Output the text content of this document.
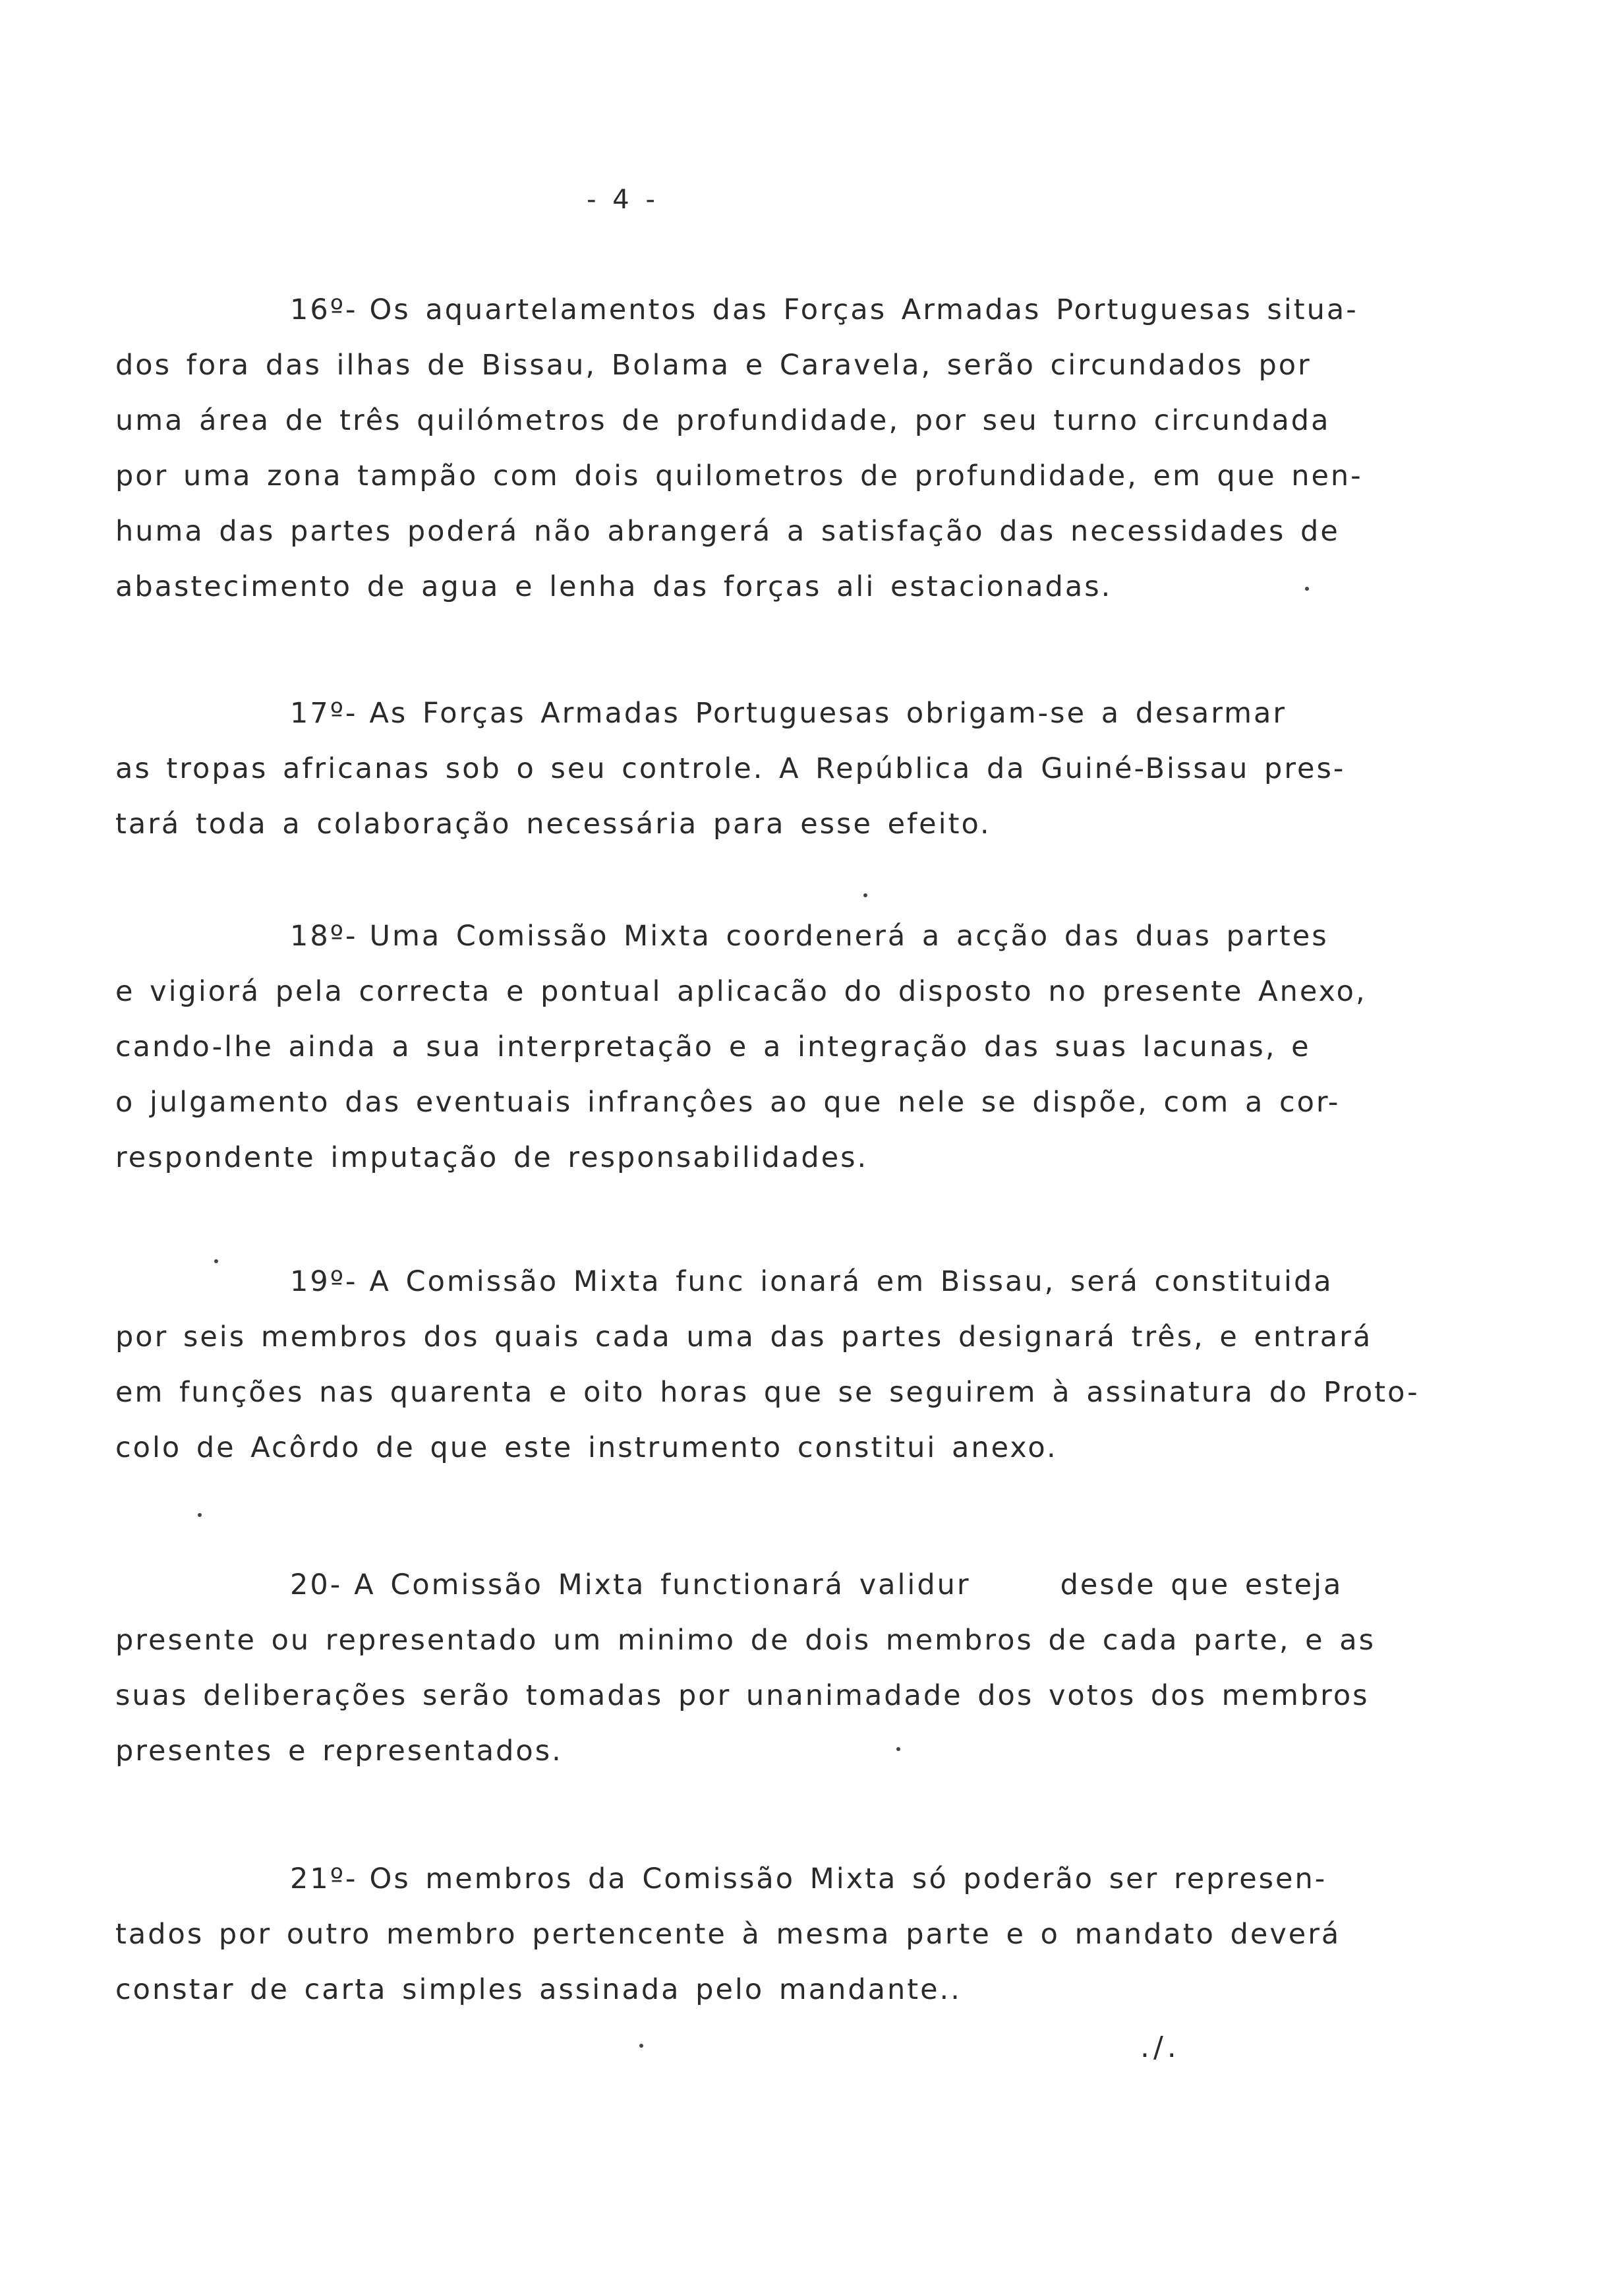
- 4 -
16º- Os aquartelamentos das Forças Armadas Portuguesas situa-
dos fora das ilhas de Bissau, Bolama e Caravela, serão circundados por
uma área de três quilómetros de profundidade, por seu turno circundada
por uma zona tampão com dois quilometros de profundidade, em que nen-
huma das partes poderá não abrangerá a satisfação das necessidades de
abastecimento de agua e lenha das forças ali estacionadas.
17º- As Forças Armadas Portuguesas obrigam-se a desarmar
as tropas africanas sob o seu controle. A República da Guiné-Bissau pres-
tará toda a colaboração necessária para esse efeito.
18º- Uma Comissão Mixta coordenerá a acção das duas partes
e vigiorá pela correcta e pontual aplicacão do disposto no presente Anexo,
cando-lhe ainda a sua interpretação e a integração das suas lacunas, e
o julgamento das eventuais infrançôes ao que nele se dispõe, com a cor-
respondente imputação de responsabilidades.
19º- A Comissão Mixta func ionará em Bissau, será constituida
por seis membros dos quais cada uma das partes designará três, e entrará
em funções nas quarenta e oito horas que se seguirem à assinatura do Proto-
colo de Acôrdo de que este instrumento constitui anexo.
20- A Comissão Mixta functionará validur      desde que esteja
presente ou representado um minimo de dois membros de cada parte, e as
suas deliberações serão tomadas por unanimadade dos votos dos membros
presentes e representados.
21º- Os membros da Comissão Mixta só poderão ser represen-
tados por outro membro pertencente à mesma parte e o mandato deverá
constar de carta simples assinada pelo mandante..
./.
